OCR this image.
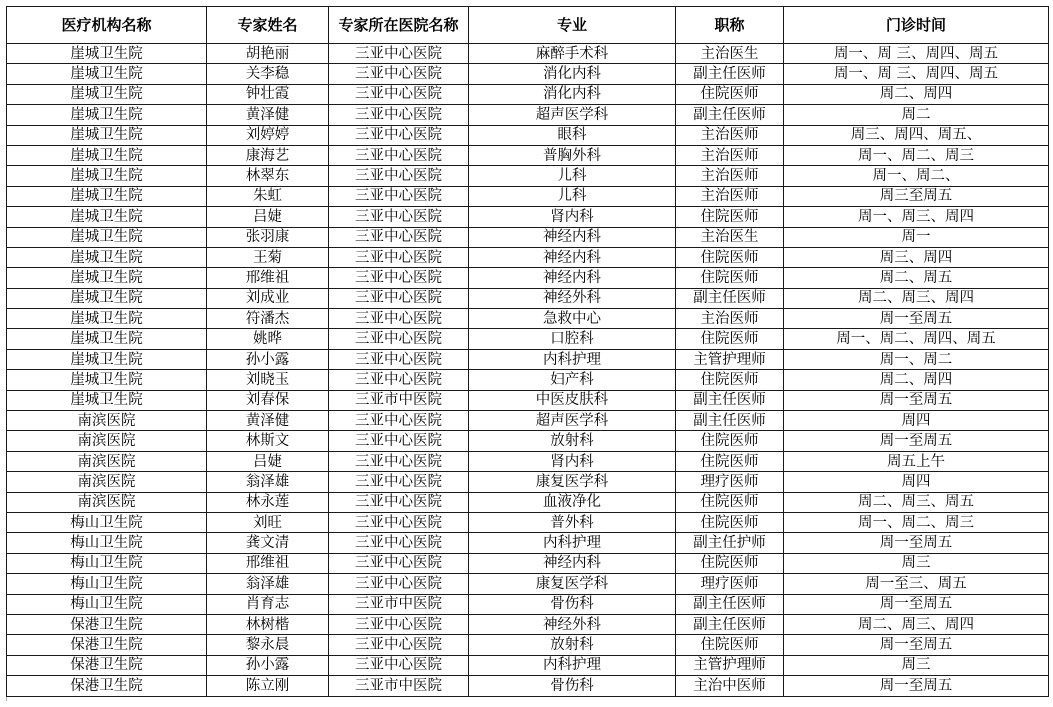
医疗机构名称	专家姓名	专家所在医院名称	专业	职称	门诊时间
崖城卫生院	胡艳丽	三亚中心医院	麻醉手术科	主治医生	周一、周 三、周四、周五
崖城卫生院	关李稳	三亚中心医院	消化内科	副主任医师	周一、周 三、周四、周五
崖城卫生院	钟壮霞	三亚中心医院	消化内科	住院医师	周二、周四
崖城卫生院	黄泽健	三亚中心医院	超声医学科	副主任医师	周二
崖城卫生院	刘婷婷	三亚中心医院	眼科	主治医师	周三、周四、周五、
崖城卫生院	康海艺	三亚中心医院	普胸外科	主治医师	周一、周二、周三
崖城卫生院	林翠东	三亚中心医院	儿科	主治医师	周一、周二、
崖城卫生院	朱虹	三亚中心医院	儿科	主治医师	周三至周五
崖城卫生院	吕婕	三亚中心医院	肾内科	住院医师	周一、周三、周四
崖城卫生院	张羽康	三亚中心医院	神经内科	主治医生	周一
崖城卫生院	王菊	三亚中心医院	神经内科	住院医师	周三、周四
崖城卫生院	邢维祖	三亚中心医院	神经内科	住院医师	周二、周五
崖城卫生院	刘成业	三亚中心医院	神经外科	副主任医师	周二、周三、周四
崖城卫生院	符潘杰	三亚中心医院	急救中心	主治医师	周一至周五
崖城卫生院	姚晔	三亚中心医院	口腔科	住院医师	周一、周二、周四、周五
崖城卫生院	孙小露	三亚中心医院	内科护理	主管护理师	周一、周二
崖城卫生院	刘晓玉	三亚中心医院	妇产科	住院医师	周二、周四
崖城卫生院	刘春保	三亚市中医院	中医皮肤科	副主任医师	周一至周五
南滨医院	黄泽健	三亚中心医院	超声医学科	副主任医师	周四
南滨医院	林斯文	三亚中心医院	放射科	住院医师	周一至周五
南滨医院	吕婕	三亚中心医院	肾内科	住院医师	周五上午
南滨医院	翁泽雄	三亚中心医院	康复医学科	理疗医师	周四
南滨医院	林永莲	三亚中心医院	血液净化	住院医师	周二、周三、周五
梅山卫生院	刘旺	三亚中心医院	普外科	住院医师	周一、周二、周三
梅山卫生院	龚文清	三亚中心医院	内科护理	副主任护师	周一至周五
梅山卫生院	邢维祖	三亚中心医院	神经内科	住院医师	周三
梅山卫生院	翁泽雄	三亚中心医院	康复医学科	理疗医师	周一至三、周五
梅山卫生院	肖育志	三亚市中医院	骨伤科	副主任医师	周一至周五
保港卫生院	林树楷	三亚中心医院	神经外科	副主任医师	周二、周三、周四
保港卫生院	黎永晨	三亚中心医院	放射科	住院医师	周一至周五
保港卫生院	孙小露	三亚中心医院	内科护理	主管护理师	周三
保港卫生院	陈立刚	三亚市中医院	骨伤科	主治中医师	周一至周五
